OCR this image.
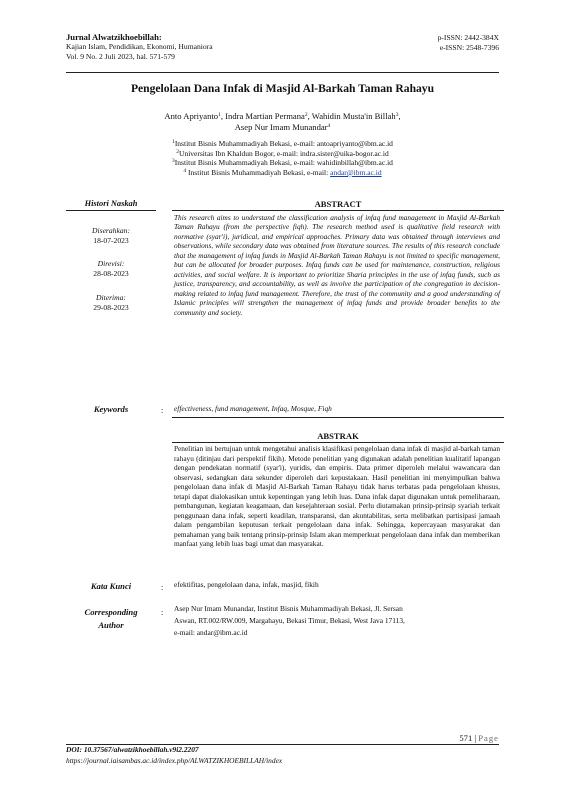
Jurnal Alwatzikhoebillah:
Kajian Islam, Pendidikan, Ekonomi, Humaniora
Vol. 9 No. 2 Juli 2023, hal. 571-579
p-ISSN: 2442-384X
e-ISSN: 2548-7396
Pengelolaan Dana Infak di Masjid Al-Barkah Taman Rahayu
Anto Apriyanto$^1$, Indra Martian Permana$^2$, Wahidin Musta'in Billah$^3$,
Asep Nur Imam Munandar$^4$
$^1$Institut Bisnis Muhammadiyah Bekasi, e-mail: antoapriyanto@ibm.ac.id
$^2$Universitas Ibn Khaldun Bogor, e-mail: indra.sister@uika-bogor.ac.id
$^3$Institut Bisnis Muhammadiyah Bekasi, e-mail: wahidinbillah@ibm.ac.id
$^4$ Institut Bisnis Muhammadiyah Bekasi, e-mail: andar@ibm.ac.id
Histori Naskah	ABSTRACT
Diserahkan:
18-07-2023
Direvisi:
28-08-2023
Diterima:
29-08-2023
This research aims to understand the classification analysis of infaq fund management in Masjid Al-Barkah Taman Rahayu (from the perspective fiqh). The research method used is qualitative field research with normative (syar'i), juridical, and empirical approaches. Primary data was obtained through interviews and observations, while secondary data was obtained from literature sources. The results of this research conclude that the management of infaq funds in Masjid Al-Barkah Taman Rahayu is not limited to specific management, but can be allocated for broader purposes. Infaq funds can be used for maintenance, construction, religious activities, and social welfare. It is important to prioritize Sharia principles in the use of infaq funds, such as justice, transparency, and accountability, as well as involve the participation of the congregation in decision-making related to infaq fund management. Therefore, the trust of the community and a good understanding of Islamic principles will strengthen the management of infaq funds and provide broader benefits to the community and society.
Keywords	: effectiveness, fund management, Infaq, Mosque, Fiqh
ABSTRAK
Penelitian ini bertujuan untuk mengetahui analisis klasifikasi pengelolaan dana infak di masjid al-barkah taman rahayu (ditinjau dari perspektif fikih). Metode penelitian yang digunakan adalah penelitian kualitatif lapangan dengan pendekatan normatif (syar'i), yuridis, dan empiris. Data primer diperoleh melalui wawancara dan observasi, sedangkan data sekunder diperoleh dari kepustakaan. Hasil penelitian ini menyimpulkan bahwa pengelolaan dana infak di Masjid Al-Barkah Taman Rahayu tidak harus terbatas pada pengelolaan khusus, tetapi dapat dialokasikan untuk kepentingan yang lebih luas. Dana infak dapat digunakan untuk pemeliharaan, pembangunan, kegiatan keagamaan, dan kesejahteraan sosial. Perlu diutamakan prinsip-prinsip syariah terkait penggunaan dana infak, seperti keadilan, transparansi, dan akuntabilitas, serta melibatkan partisipasi jamaah dalam pengambilan keputusan terkait pengelolaan dana infak. Sehingga, kepercayaan masyarakat dan pemahaman yang baik tentang prinsip-prinsip Islam akan memperkuat pengelolaan dana infak dan memberikan manfaat yang lebih luas bagi umat dan masyarakat.
Kata Kunci	: efektifitas, pengelolaan dana, infak, masjid, fikih
Corresponding
Author
: Asep Nur Imam Munandar, Institut Bisnis Muhammadiyah Bekasi, Jl. Sersan
Aswan, RT.002/RW.009, Margahayu, Bekasi Timur, Bekasi, West Java 17113,
e-mail: andar@ibm.ac.id
571 | Page
DOI: 10.37567/alwatzikhoebillah.v9i2.2207
https://journal.iaisambas.ac.id/index.php/ALWATZIKHOEBILLAH/index
